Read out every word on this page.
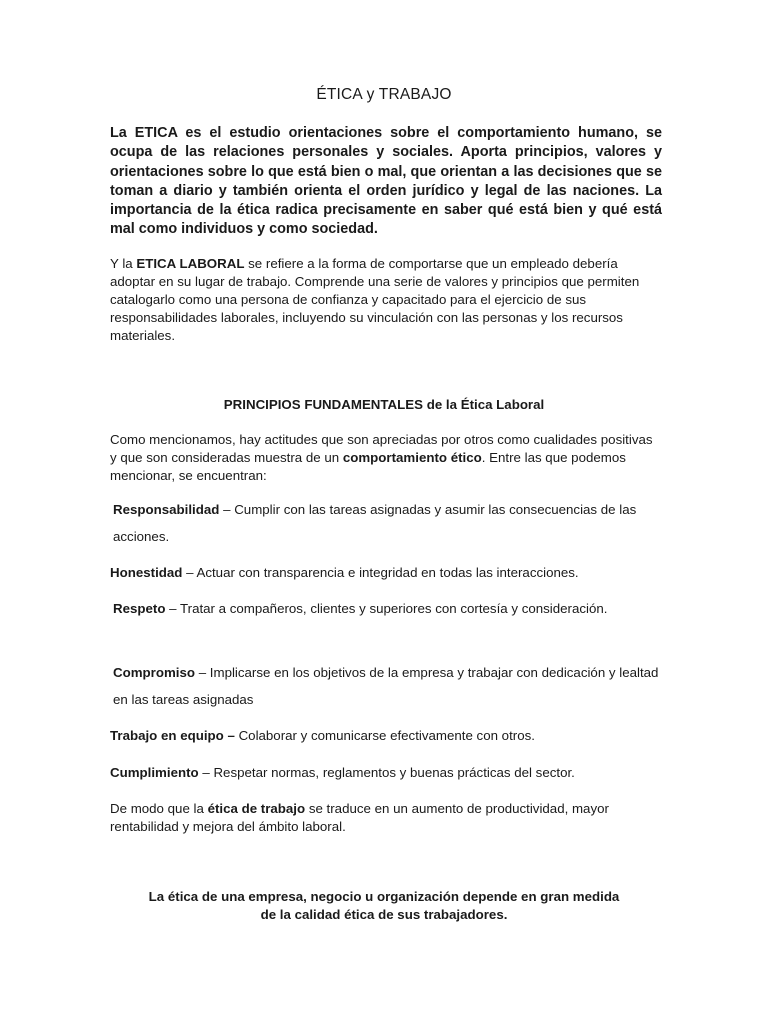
ÉTICA y TRABAJO

La ETICA es el estudio orientaciones sobre el comportamiento humano, se ocupa de las relaciones personales y sociales. Aporta principios, valores y orientaciones sobre lo que está bien o mal, que orientan a las decisiones que se toman a diario y también orienta el orden jurídico y legal de las naciones. La importancia de la ética radica precisamente en saber qué está bien y qué está mal como individuos y como sociedad.

Y la ETICA LABORAL se refiere a la forma de comportarse que un empleado debería adoptar en su lugar de trabajo. Comprende una serie de valores y principios que permiten catalogarlo como una persona de confianza y capacitado para el ejercicio de sus responsabilidades laborales, incluyendo su vinculación con las personas y los recursos materiales.

PRINCIPIOS FUNDAMENTALES de la Ética Laboral

Como mencionamos, hay actitudes que son apreciadas por otros como cualidades positivas y que son consideradas muestra de un comportamiento ético. Entre las que podemos mencionar, se encuentran:

Responsabilidad – Cumplir con las tareas asignadas y asumir las consecuencias de las acciones.

Honestidad – Actuar con transparencia e integridad en todas las interacciones.

Respeto – Tratar a compañeros, clientes y superiores con cortesía y consideración.

Compromiso – Implicarse en los objetivos de la empresa y trabajar con dedicación y lealtad en las tareas asignadas

Trabajo en equipo – Colaborar y comunicarse efectivamente con otros.

Cumplimiento – Respetar normas, reglamentos y buenas prácticas del sector.

De modo que la ética de trabajo se traduce en un aumento de productividad, mayor rentabilidad y mejora del ámbito laboral.

La ética de una empresa, negocio u organización depende en gran medida
de la calidad ética de sus trabajadores.
